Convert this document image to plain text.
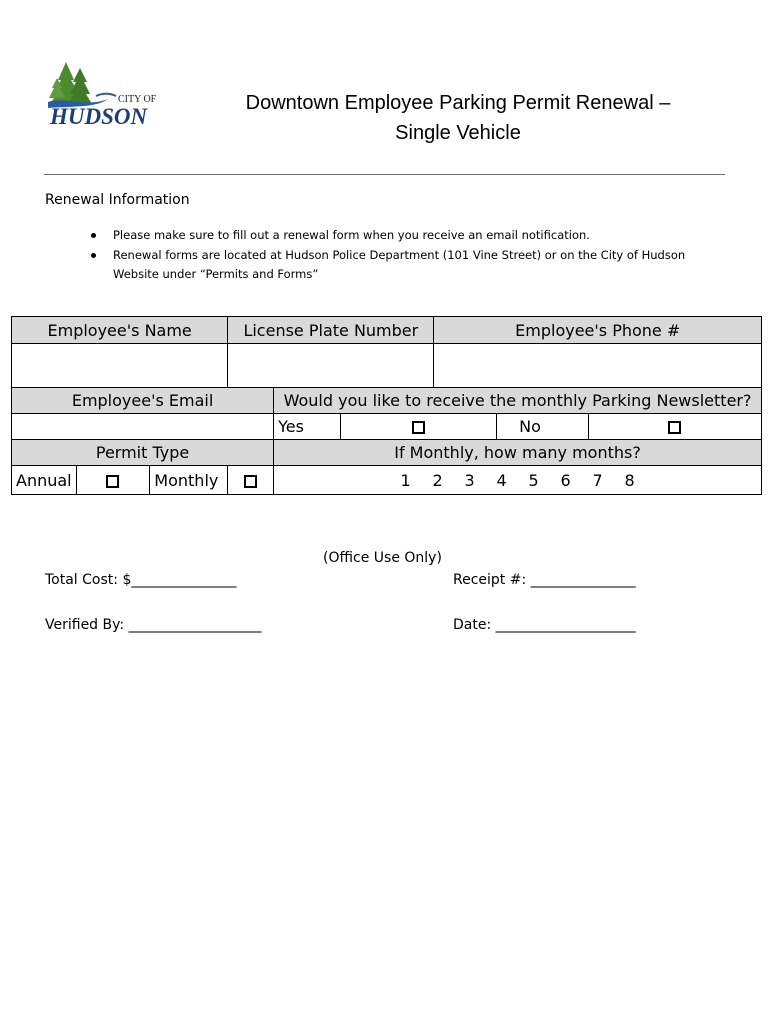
CITY OF
HUDSON
Downtown Employee Parking Permit Renewal –
Single Vehicle
Renewal Information
Please make sure to fill out a renewal form when you receive an email notification.
Renewal forms are located at Hudson Police Department (101 Vine Street) or on the City of Hudson Website under “Permits and Forms”
Employee's Name			License Plate Number			Employee's Phone #		

Employee's Email				Would you like to receive the monthly Parking Newsletter?				
				Yes			No	
Permit Type				If Monthly, how many months?				
Annual		Monthly		1 2 3 4 5 6 7 8				
(Office Use Only)
Total Cost: $_______________	Receipt #: _______________
Verified By: ___________________	Date: ____________________
